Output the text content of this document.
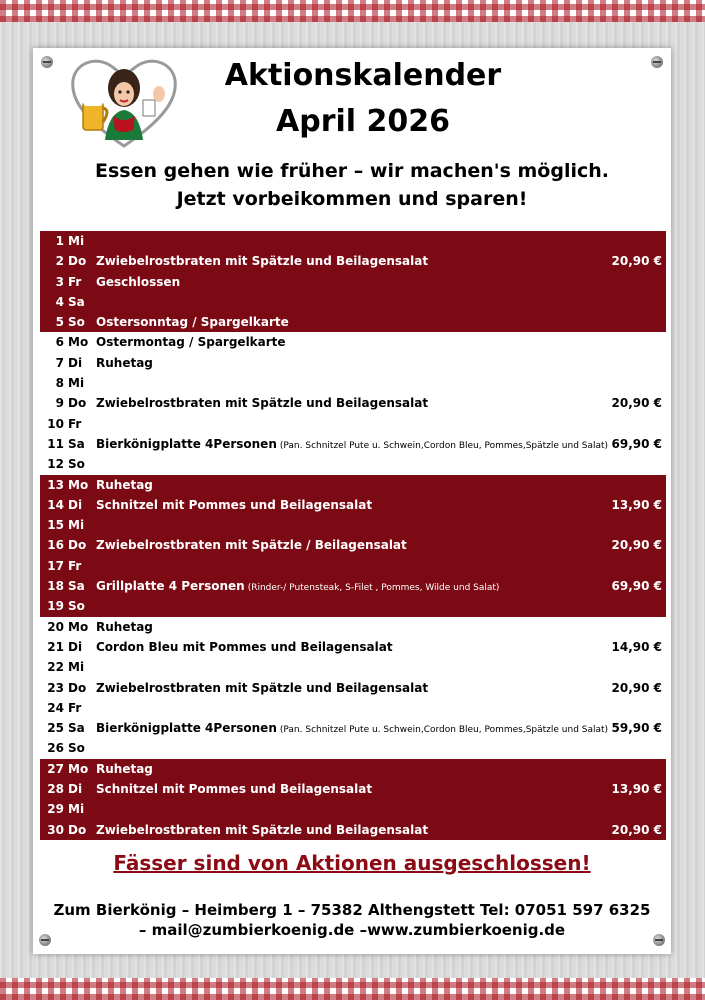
Aktionskalender
April 2026
Essen gehen wie früher – wir machen's möglich.
Jetzt vorbeikommen und sparen!
1 Mi
2 Do Zwiebelrostbraten mit Spätzle und Beilagensalat	20,90 €
3 Fr Geschlossen
4 Sa
5 So Ostersonntag / Spargelkarte
6 Mo Ostermontag / Spargelkarte
7 Di Ruhetag
8 Mi
9 Do Zwiebelrostbraten mit Spätzle und Beilagensalat	20,90 €
10 Fr
11 Sa Bierkönigplatte 4Personen (Pan. Schnitzel Pute u. Schwein,Cordon Bleu, Pommes,Spätzle und Salat) 69,90 €
12 So
13 Mo Ruhetag
14 Di Schnitzel mit Pommes und Beilagensalat	13,90 €
15 Mi
16 Do Zwiebelrostbraten mit Spätzle / Beilagensalat	20,90 €
17 Fr
18 Sa Grillplatte 4 Personen (Rinder-/ Putensteak, S-Filet , Pommes, Wilde und Salat)	69,90 €
19 So
20 Mo Ruhetag
21 Di Cordon Bleu mit Pommes und Beilagensalat	14,90 €
22 Mi
23 Do Zwiebelrostbraten mit Spätzle und Beilagensalat	20,90 €
24 Fr
25 Sa Bierkönigplatte 4Personen (Pan. Schnitzel Pute u. Schwein,Cordon Bleu, Pommes,Spätzle und Salat) 59,90 €
26 So
27 Mo Ruhetag
28 Di Schnitzel mit Pommes und Beilagensalat	13,90 €
29 Mi
30 Do Zwiebelrostbraten mit Spätzle und Beilagensalat	20,90 €
Fässer sind von Aktionen ausgeschlossen!
Zum Bierkönig – Heimberg 1 – 75382 Althengstett Tel: 07051 597 6325
– mail@zumbierkoenig.de –www.zumbierkoenig.de
